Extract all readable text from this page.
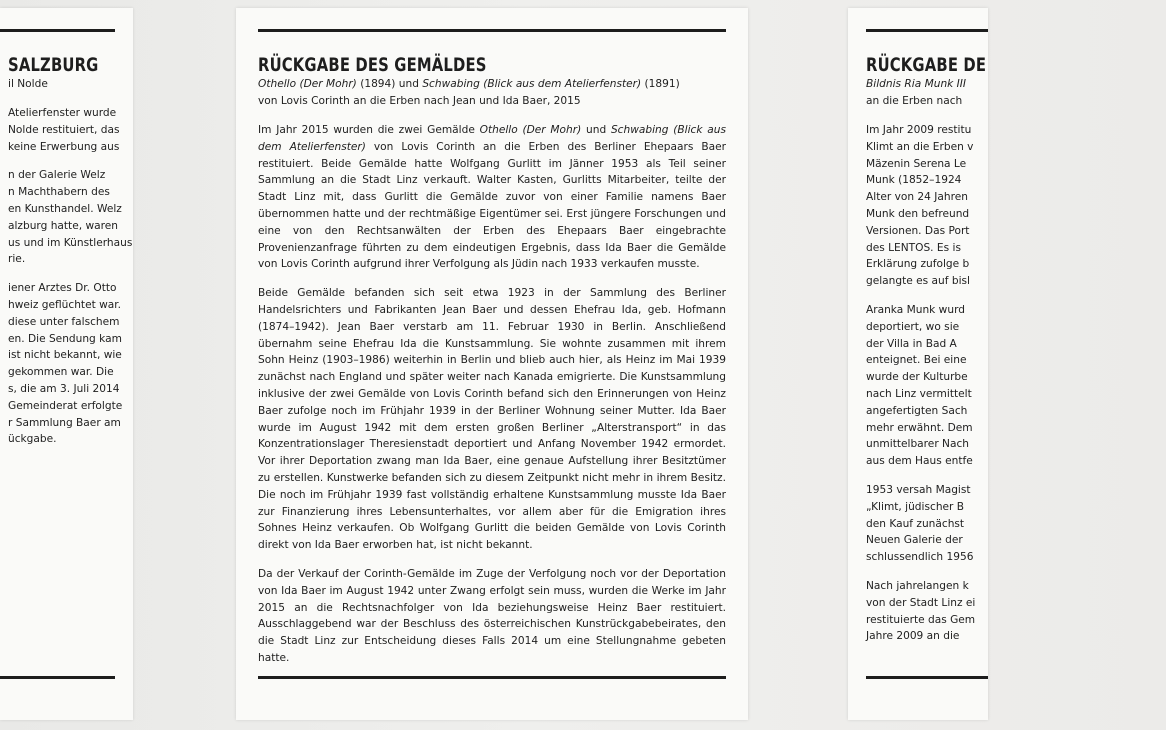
SALZBURG
il Nolde
Atelierfenster wurde
Nolde restituiert, das
keine Erwerbung aus
n der Galerie Welz
n Machthabern des
en Kunsthandel. Welz
alzburg hatte, waren
us und im Künstlerhaus
rie.
iener Arztes Dr. Otto
hweiz geflüchtet war.
diese unter falschem
en. Die Sendung kam
ist nicht bekannt, wie
gekommen war. Die
s, die am 3. Juli 2014
Gemeinderat erfolgte
r Sammlung Baer am
ückgabe.
RÜCKGABE DES GEMÄLDES
Othello (Der Mohr) (1894) und Schwabing (Blick aus dem Atelierfenster) (1891)
von Lovis Corinth an die Erben nach Jean und Ida Baer, 2015

Im Jahr 2015 wurden die zwei Gemälde Othello (Der Mohr) und Schwabing (Blick aus dem Atelierfenster) von Lovis Corinth an die Erben des Berliner Ehepaars Baer restituiert. Beide Gemälde hatte Wolfgang Gurlitt im Jänner 1953 als Teil seiner Sammlung an die Stadt Linz verkauft. Walter Kasten, Gurlitts Mitarbeiter, teilte der Stadt Linz mit, dass Gurlitt die Gemälde zuvor von einer Familie namens Baer übernommen hatte und der rechtmäßige Eigentümer sei. Erst jüngere Forschungen und eine von den Rechtsanwälten der Erben des Ehepaars Baer eingebrachte Provenienzanfrage führten zu dem eindeutigen Ergebnis, dass Ida Baer die Gemälde von Lovis Corinth aufgrund ihrer Verfolgung als Jüdin nach 1933 verkaufen musste.

Beide Gemälde befanden sich seit etwa 1923 in der Sammlung des Berliner Handelsrichters und Fabrikanten Jean Baer und dessen Ehefrau Ida, geb. Hofmann (1874–1942). Jean Baer verstarb am 11. Februar 1930 in Berlin. Anschließend übernahm seine Ehefrau Ida die Kunstsammlung. Sie wohnte zusammen mit ihrem Sohn Heinz (1903–1986) weiterhin in Berlin und blieb auch hier, als Heinz im Mai 1939 zunächst nach England und später weiter nach Kanada emigrierte. Die Kunstsammlung inklusive der zwei Gemälde von Lovis Corinth befand sich den Erinnerungen von Heinz Baer zufolge noch im Frühjahr 1939 in der Berliner Wohnung seiner Mutter. Ida Baer wurde im August 1942 mit dem ersten großen Berliner „Alterstransport“ in das Konzentrationslager Theresienstadt deportiert und Anfang November 1942 ermordet. Vor ihrer Deportation zwang man Ida Baer, eine genaue Aufstellung ihrer Besitztümer zu erstellen. Kunstwerke befanden sich zu diesem Zeitpunkt nicht mehr in ihrem Besitz. Die noch im Frühjahr 1939 fast vollständig erhaltene Kunstsammlung musste Ida Baer zur Finanzierung ihres Lebensunterhaltes, vor allem aber für die Emigration ihres Sohnes Heinz verkaufen. Ob Wolfgang Gurlitt die beiden Gemälde von Lovis Corinth direkt von Ida Baer erworben hat, ist nicht bekannt.

Da der Verkauf der Corinth-Gemälde im Zuge der Verfolgung noch vor der Deportation von Ida Baer im August 1942 unter Zwang erfolgt sein muss, wurden die Werke im Jahr 2015 an die Rechtsnachfolger von Ida beziehungsweise Heinz Baer restituiert. Ausschlaggebend war der Beschluss des österreichischen Kunstrückgabebeirates, den die Stadt Linz zur Entscheidung dieses Falls 2014 um eine Stellungnahme gebeten hatte.

RÜCKGABE DE
Bildnis Ria Munk III
an die Erben nach
Im Jahr 2009 restitu
Klimt an die Erben v
Mäzenin Serena Le
Munk (1852–1924
Alter von 24 Jahren
Munk den befreund
Versionen. Das Port
des LENTOS. Es is
Erklärung zufolge b
gelangte es auf bisl
Aranka Munk wurd
deportiert, wo sie
der Villa in Bad A
enteignet. Bei eine
wurde der Kulturbe
nach Linz vermittelt
angefertigten Sach
mehr erwähnt. Dem
unmittelbarer Nach
aus dem Haus entfe
1953 versah Magist
„Klimt, jüdischer B
den Kauf zunächst
Neuen Galerie der
schlussendlich 1956
Nach jahrelangen k
von der Stadt Linz ei
restituierte das Gem
Jahre 2009 an die
